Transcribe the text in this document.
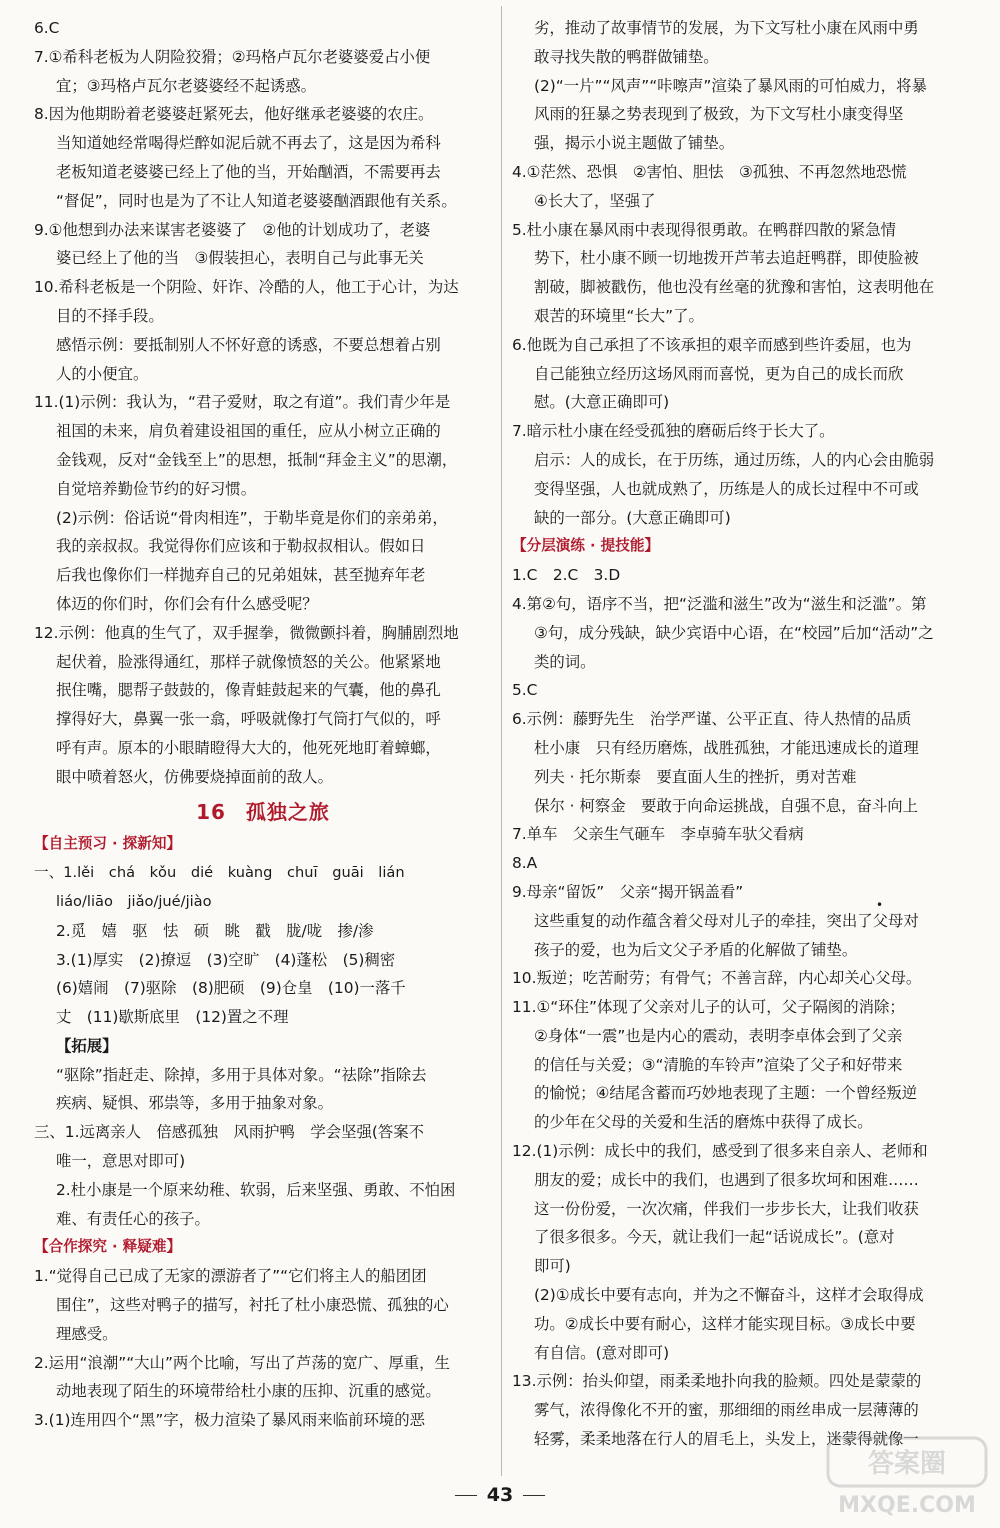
6.C

7.①希科老板为人阴险狡猾；②玛格卢瓦尔老婆婆爱占小便

宜；③玛格卢瓦尔老婆婆经不起诱惑。

8.因为他期盼着老婆婆赶紧死去，他好继承老婆婆的农庄。

当知道她经常喝得烂醉如泥后就不再去了，这是因为希科

老板知道老婆婆已经上了他的当，开始酗酒，不需要再去

“督促”，同时也是为了不让人知道老婆婆酗酒跟他有关系。

9.①他想到办法来谋害老婆婆了　②他的计划成功了，老婆

婆已经上了他的当　③假装担心，表明自己与此事无关

10.希科老板是一个阴险、奸诈、冷酷的人，他工于心计，为达

目的不择手段。

感悟示例：要抵制别人不怀好意的诱惑，不要总想着占别

人的小便宜。

11.(1)示例：我认为，“君子爱财，取之有道”。我们青少年是

祖国的未来，肩负着建设祖国的重任，应从小树立正确的

金钱观，反对“金钱至上”的思想，抵制“拜金主义”的思潮，

自觉培养勤俭节约的好习惯。

(2)示例：俗话说“骨肉相连”，于勒毕竟是你们的亲弟弟，

我的亲叔叔。我觉得你们应该和于勒叔叔相认。假如日

后我也像你们一样抛弃自己的兄弟姐妹，甚至抛弃年老

体迈的你们时，你们会有什么感受呢？

12.示例：他真的生气了，双手握拳，微微颤抖着，胸脯剧烈地

起伏着，脸涨得通红，那样子就像愤怒的关公。他紧紧地

抿住嘴，腮帮子鼓鼓的，像青蛙鼓起来的气囊，他的鼻孔

撑得好大，鼻翼一张一翕，呼吸就像打气筒打气似的，呼

呼有声。原本的小眼睛瞪得大大的，他死死地盯着蟑螂，

眼中喷着怒火，仿佛要烧掉面前的敌人。

16 孤独之旅

【自主预习 · 探新知】

一、1.lěi　chá　kǒu　dié　kuàng　chuī　guāi　lián

liáo/liāo　jiǎo/jué/jiào

2.觅　嬉　驱　怯　硕　眺　戳　胧/咙　掺/渗

3.(1)厚实　(2)撩逗　(3)空旷　(4)蓬松　(5)稠密

(6)嬉闹　(7)驱除　(8)肥硕　(9)仓皇　(10)一落千

丈　(11)歇斯底里　(12)置之不理

【拓展】

“驱除”指赶走、除掉，多用于具体对象。“祛除”指除去

疾病、疑惧、邪祟等，多用于抽象对象。

三、1.远离亲人　倍感孤独　风雨护鸭　学会坚强(答案不

唯一，意思对即可)

2.杜小康是一个原来幼稚、软弱，后来坚强、勇敢、不怕困

难、有责任心的孩子。

【合作探究 · 释疑难】

1.“觉得自己已成了无家的漂游者了”“它们将主人的船团团

围住”，这些对鸭子的描写，衬托了杜小康恐慌、孤独的心

理感受。

2.运用“浪潮”“大山”两个比喻，写出了芦荡的宽广、厚重，生

动地表现了陌生的环境带给杜小康的压抑、沉重的感觉。

3.(1)连用四个“黑”字，极力渲染了暴风雨来临前环境的恶

劣，推动了故事情节的发展，为下文写杜小康在风雨中勇

敢寻找失散的鸭群做铺垫。

(2)“一片”“风声”“咔嚓声”渲染了暴风雨的可怕威力，将暴

风雨的狂暴之势表现到了极致，为下文写杜小康变得坚

强，揭示小说主题做了铺垫。

4.①茫然、恐惧　②害怕、胆怯　③孤独、不再忽然地恐慌

④长大了，坚强了

5.杜小康在暴风雨中表现得很勇敢。在鸭群四散的紧急情

势下，杜小康不顾一切地拨开芦苇去追赶鸭群，即使脸被

割破，脚被戳伤，他也没有丝毫的犹豫和害怕，这表明他在

艰苦的环境里“长大”了。

6.他既为自己承担了不该承担的艰辛而感到些许委屈，也为

自己能独立经历这场风雨而喜悦，更为自己的成长而欣

慰。(大意正确即可)

7.暗示杜小康在经受孤独的磨砺后终于长大了。

启示：人的成长，在于历练，通过历练，人的内心会由脆弱

变得坚强，人也就成熟了，历练是人的成长过程中不可或

缺的一部分。(大意正确即可)

【分层演练 · 提技能】

1.C　2.C　3.D

4.第②句，语序不当，把“泛滥和滋生”改为“滋生和泛滥”。第

③句，成分残缺，缺少宾语中心语，在“校园”后加“活动”之

类的词。

5.C

6.示例：藤野先生　治学严谨、公平正直、待人热情的品质

杜小康　只有经历磨炼，战胜孤独，才能迅速成长的道理

列夫 · 托尔斯泰　要直面人生的挫折，勇对苦难

保尔 · 柯察金　要敢于向命运挑战，自强不息，奋斗向上

7.单车　父亲生气砸车　李卓骑车驮父看病

8.A

9.母亲“留饭”　父亲“揭开锅盖看”

这些重复的动作蕴含着父母对儿子的牵挂，突出了父母对

孩子的爱，也为后文父子矛盾的化解做了铺垫。

10.叛逆；吃苦耐劳；有骨气；不善言辞，内心却关心父母。

11.①“环住”体现了父亲对儿子的认可，父子隔阂的消除；

②身体“一震”也是内心的震动，表明李卓体会到了父亲

的信任与关爱；③“清脆的车铃声”渲染了父子和好带来

的愉悦；④结尾含蓄而巧妙地表现了主题：一个曾经叛逆

的少年在父母的关爱和生活的磨炼中获得了成长。

12.(1)示例：成长中的我们，感受到了很多来自亲人、老师和

朋友的爱；成长中的我们，也遇到了很多坎坷和困难……

这一份份爱，一次次痛，伴我们一步步长大，让我们收获

了很多很多。今天，就让我们一起“话说成长”。(意对

即可)

(2)①成长中要有志向，并为之不懈奋斗，这样才会取得成

功。②成长中要有耐心，这样才能实现目标。③成长中要

有自信。(意对即可)

13.示例：抬头仰望，雨柔柔地扑向我的脸颊。四处是蒙蒙的

雾气，浓得像化不开的蜜，那细细的雨丝串成一层薄薄的

轻雾，柔柔地落在行人的眉毛上，头发上，迷蒙得就像一

•
43
答案圈
MXQE.COM
